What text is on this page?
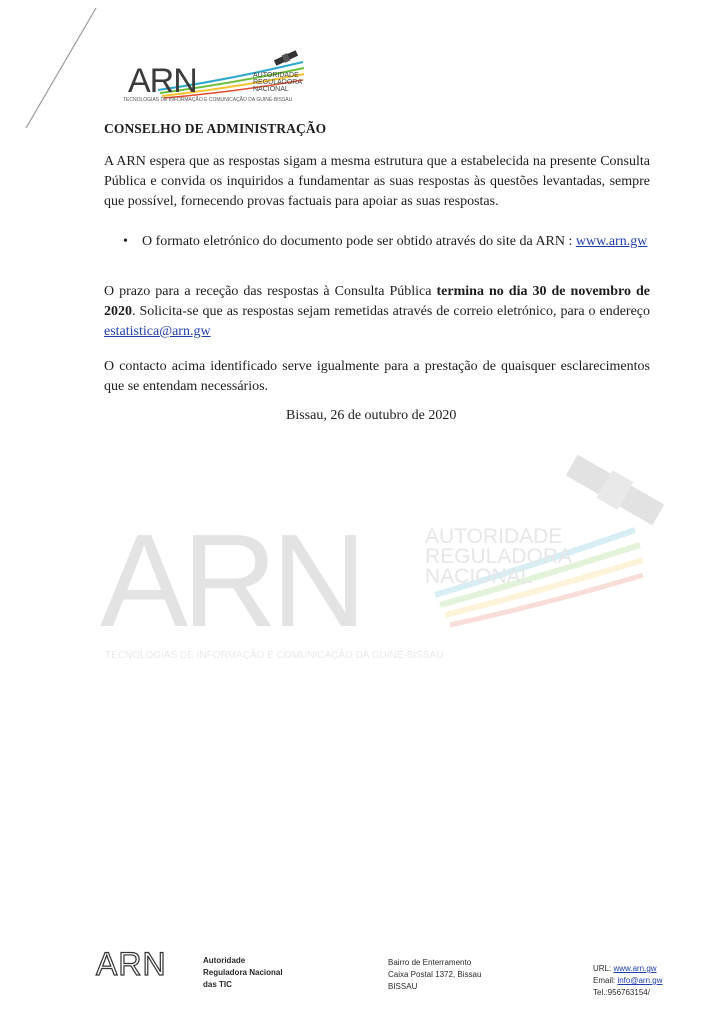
ARN	AUTORIDADE REGULADORA NACIONAL
TECNOLOGIAS DE INFORMAÇÃO E COMUNICAÇÃO DA GUINÉ-BISSAU
CONSELHO DE ADMINISTRAÇÃO
A ARN espera que as respostas sigam a mesma estrutura que a estabelecida na presente Consulta Pública e convida os inquiridos a fundamentar as suas respostas às questões levantadas, sempre que possível, fornecendo provas factuais para apoiar as suas respostas.
• O formato eletrónico do documento pode ser obtido através do site da ARN : www.arn.gw
O prazo para a receção das respostas à Consulta Pública termina no dia 30 de novembro de 2020. Solicita-se que as respostas sejam remetidas através de correio eletrónico, para o endereço estatistica@arn.gw
O contacto acima identificado serve igualmente para a prestação de quaisquer esclarecimentos que se entendam necessários.
Bissau, 26 de outubro de 2020
ARN	AUTORIDADE REGULADORA NACIONAL
TECNOLOGIAS DE INFORMAÇÃO E COMUNICAÇÃO DA GUINÉ-BISSAU
ARN	Autoridade
Reguladora Nacional
das TIC
Bairro de Enterramento
Caixa Postal 1372, Bissau
BISSAU
URL: www.arn.gw
Email: info@arn.gw
Tel.:956763154/
